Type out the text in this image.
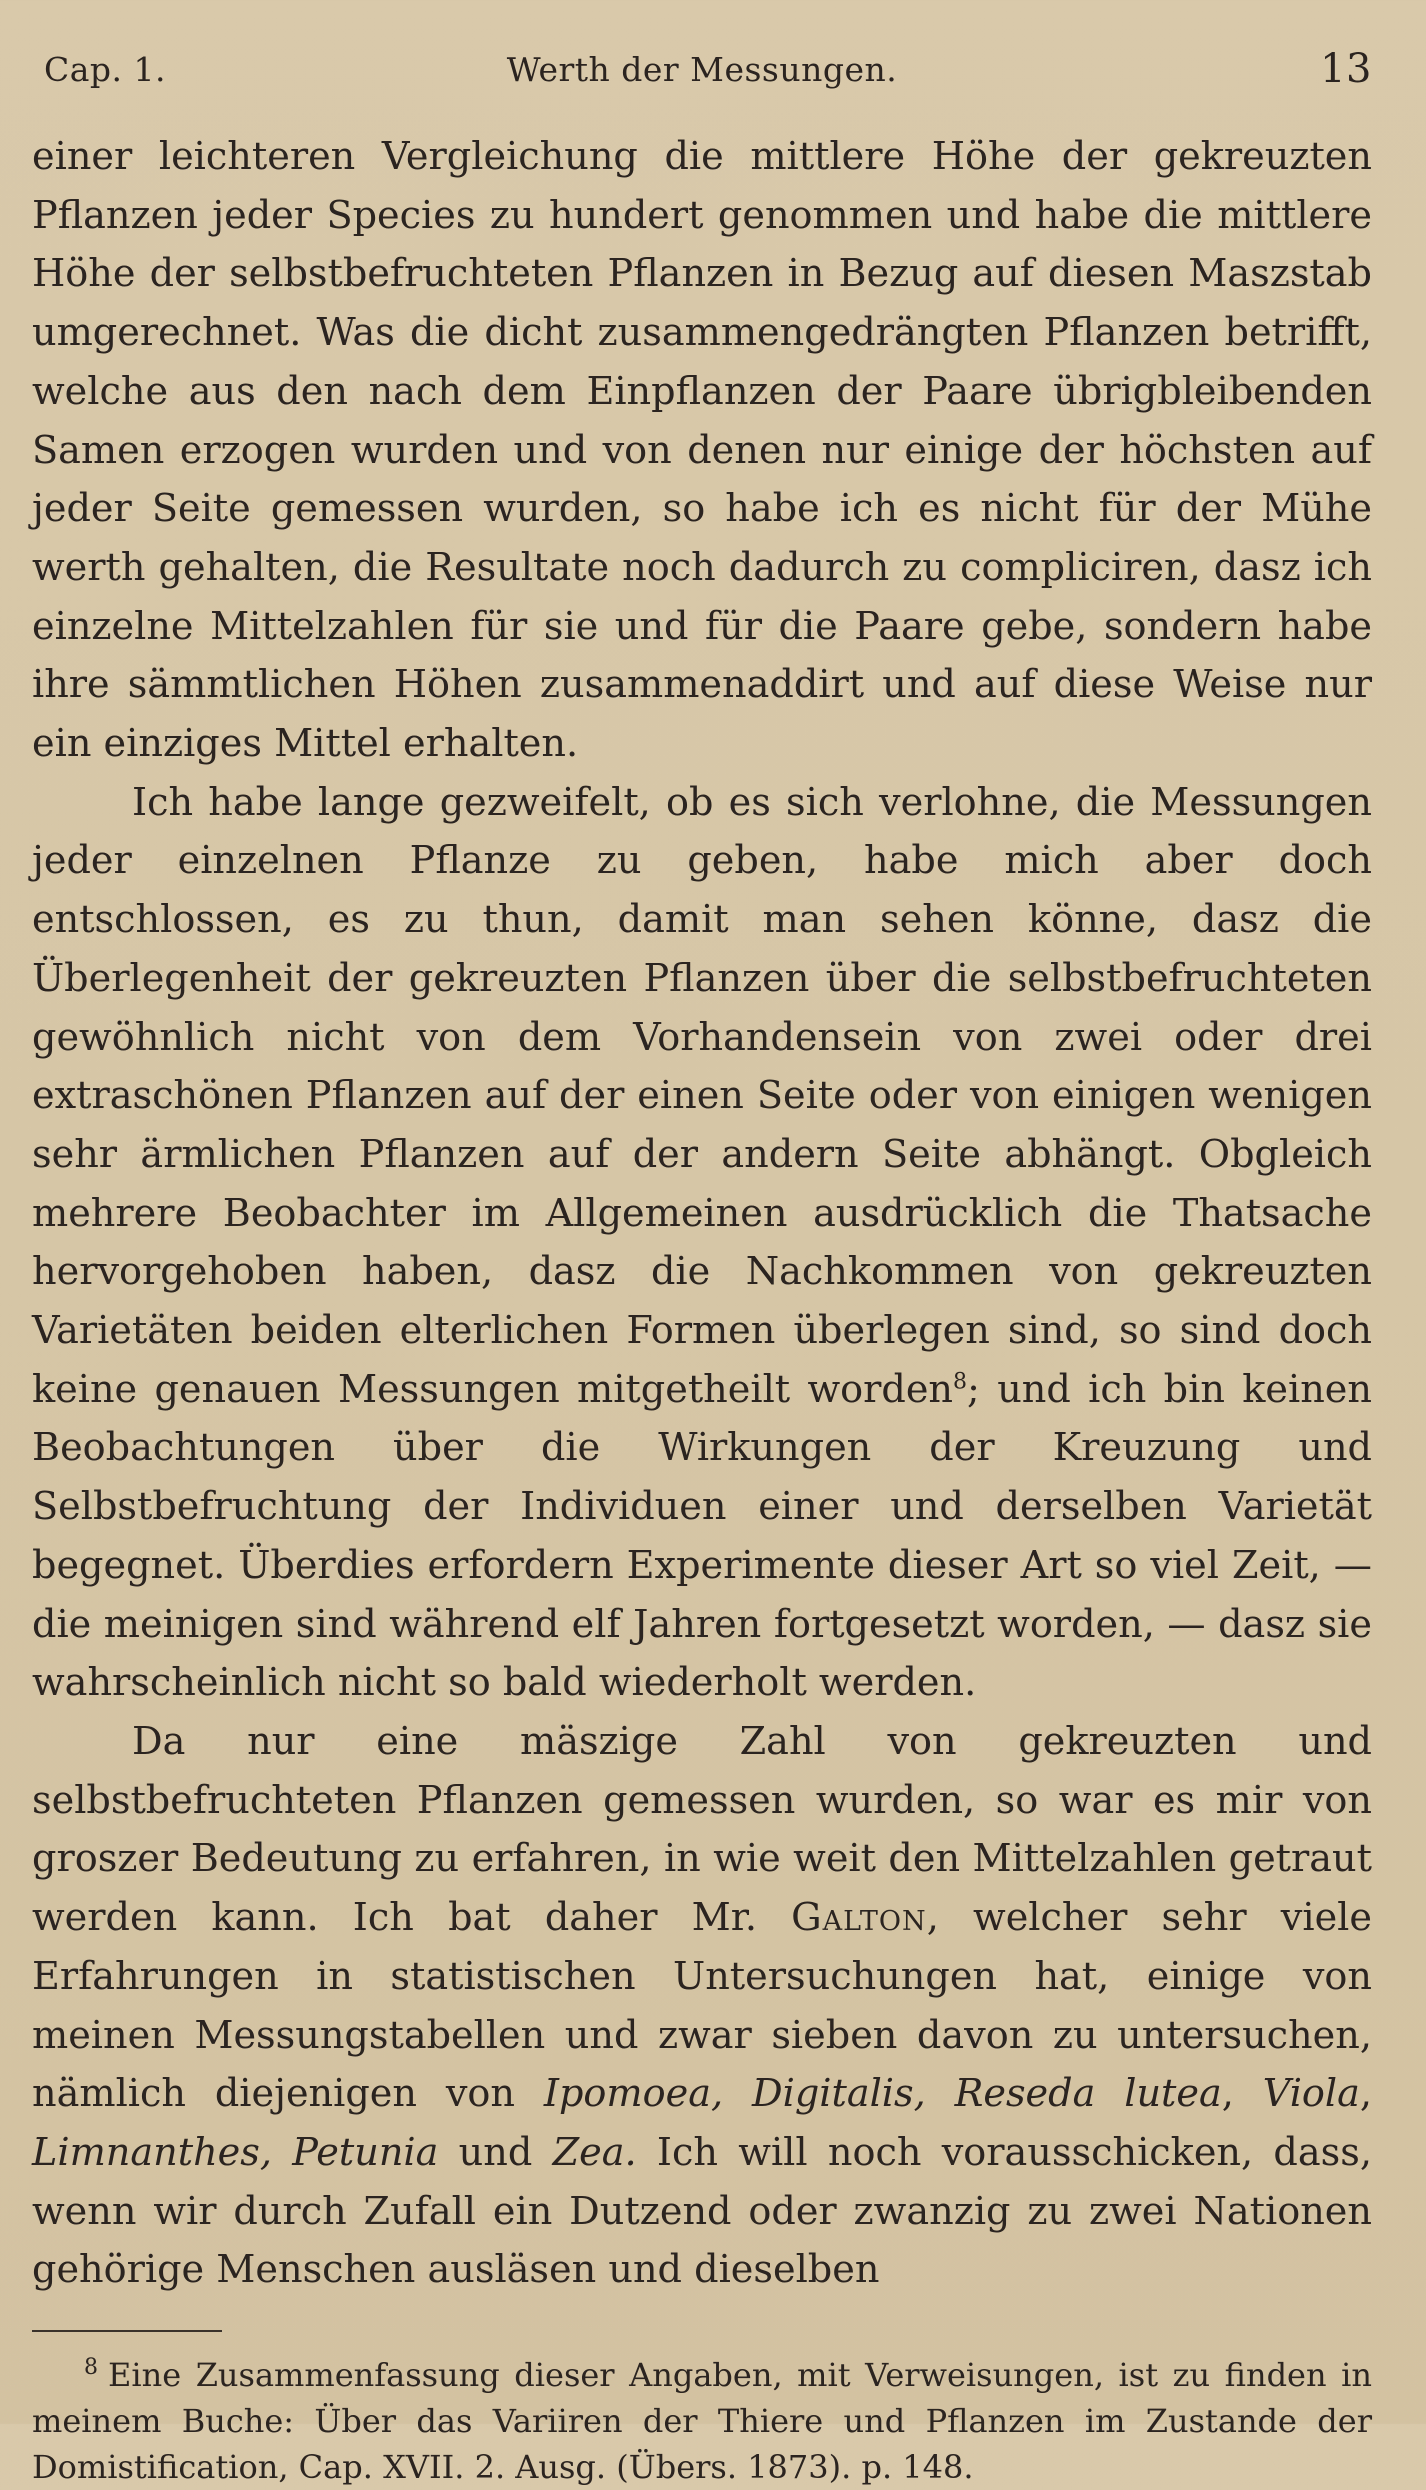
Cap. 1.	Werth der Messungen.	13

einer leichteren Vergleichung die mittlere Höhe der gekreuzten Pflanzen jeder Species zu hundert genommen und habe die mittlere Höhe der selbstbefruchteten Pflanzen in Bezug auf diesen Maszstab umgerechnet. Was die dicht zusammengedrängten Pflanzen betrifft, welche aus den nach dem Einpflanzen der Paare übrigbleibenden Samen erzogen wurden und von denen nur einige der höchsten auf jeder Seite gemessen wurden, so habe ich es nicht für der Mühe werth gehalten, die Resultate noch dadurch zu compliciren, dasz ich einzelne Mittelzahlen für sie und für die Paare gebe, sondern habe ihre sämmtlichen Höhen zusammenaddirt und auf diese Weise nur ein einziges Mittel erhalten.

Ich habe lange gezweifelt, ob es sich verlohne, die Messungen jeder einzelnen Pflanze zu geben, habe mich aber doch entschlossen, es zu thun, damit man sehen könne, dasz die Überlegenheit der gekreuzten Pflanzen über die selbstbefruchteten gewöhnlich nicht von dem Vorhandensein von zwei oder drei extraschönen Pflanzen auf der einen Seite oder von einigen wenigen sehr ärmlichen Pflanzen auf der andern Seite abhängt. Obgleich mehrere Beobachter im Allgemeinen ausdrücklich die Thatsache hervorgehoben haben, dasz die Nachkommen von gekreuzten Varietäten beiden elterlichen Formen überlegen sind, so sind doch keine genauen Messungen mitgetheilt worden$^8$; und ich bin keinen Beobachtungen über die Wirkungen der Kreuzung und Selbstbefruchtung der Individuen einer und derselben Varietät begegnet. Überdies erfordern Experimente dieser Art so viel Zeit, — die meinigen sind während elf Jahren fortgesetzt worden, — dasz sie wahrscheinlich nicht so bald wiederholt werden.

Da nur eine mäszige Zahl von gekreuzten und selbstbefruchteten Pflanzen gemessen wurden, so war es mir von groszer Bedeutung zu erfahren, in wie weit den Mittelzahlen getraut werden kann. Ich bat daher Mr. Galton, welcher sehr viele Erfahrungen in statistischen Untersuchungen hat, einige von meinen Messungstabellen und zwar sieben davon zu untersuchen, nämlich diejenigen von Ipomoea, Digitalis, Reseda lutea, Viola, Limnanthes, Petunia und Zea. Ich will noch vorausschicken, dass, wenn wir durch Zufall ein Dutzend oder zwanzig zu zwei Nationen gehörige Menschen ausläsen und dieselben

$^8$ Eine Zusammenfassung dieser Angaben, mit Verweisungen, ist zu finden in meinem Buche: Über das Variiren der Thiere und Pflanzen im Zustande der Domistification, Cap. XVII. 2. Ausg. (Übers. 1873). p. 148.
